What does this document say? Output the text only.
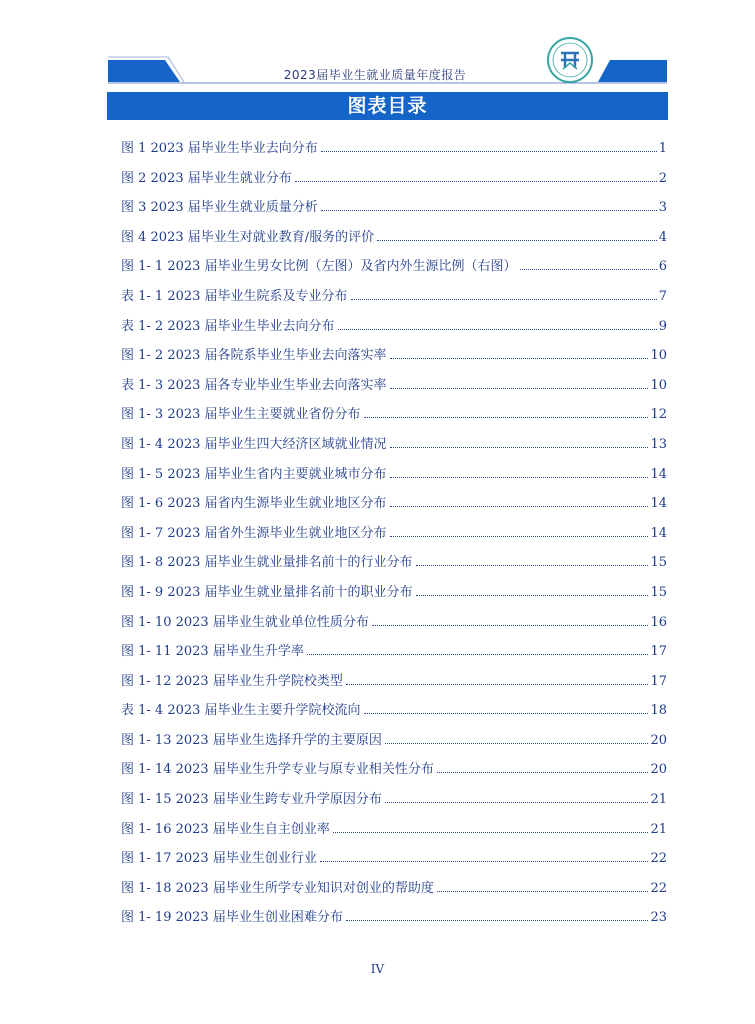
2023届毕业生就业质量年度报告
图表目录
图 1 2023 届毕业生毕业去向分布	1
图 2 2023 届毕业生就业分布	2
图 3 2023 届毕业生就业质量分析	3
图 4 2023 届毕业生对就业教育/服务的评价	4
图 1- 1 2023 届毕业生男女比例（左图）及省内外生源比例（右图）	6
表 1- 1 2023 届毕业生院系及专业分布	7
表 1- 2 2023 届毕业生毕业去向分布	9
图 1- 2 2023 届各院系毕业生毕业去向落实率	10
表 1- 3 2023 届各专业毕业生毕业去向落实率	10
图 1- 3 2023 届毕业生主要就业省份分布	12
图 1- 4 2023 届毕业生四大经济区域就业情况	13
图 1- 5 2023 届毕业生省内主要就业城市分布	14
图 1- 6 2023 届省内生源毕业生就业地区分布	14
图 1- 7 2023 届省外生源毕业生就业地区分布	14
图 1- 8 2023 届毕业生就业量排名前十的行业分布	15
图 1- 9 2023 届毕业生就业量排名前十的职业分布	15
图 1- 10 2023 届毕业生就业单位性质分布	16
图 1- 11 2023 届毕业生升学率	17
图 1- 12 2023 届毕业生升学院校类型	17
表 1- 4 2023 届毕业生主要升学院校流向	18
图 1- 13 2023 届毕业生选择升学的主要原因	20
图 1- 14 2023 届毕业生升学专业与原专业相关性分布	20
图 1- 15 2023 届毕业生跨专业升学原因分布	21
图 1- 16 2023 届毕业生自主创业率	21
图 1- 17 2023 届毕业生创业行业	22
图 1- 18 2023 届毕业生所学专业知识对创业的帮助度	22
图 1- 19 2023 届毕业生创业困难分布	23
IV
